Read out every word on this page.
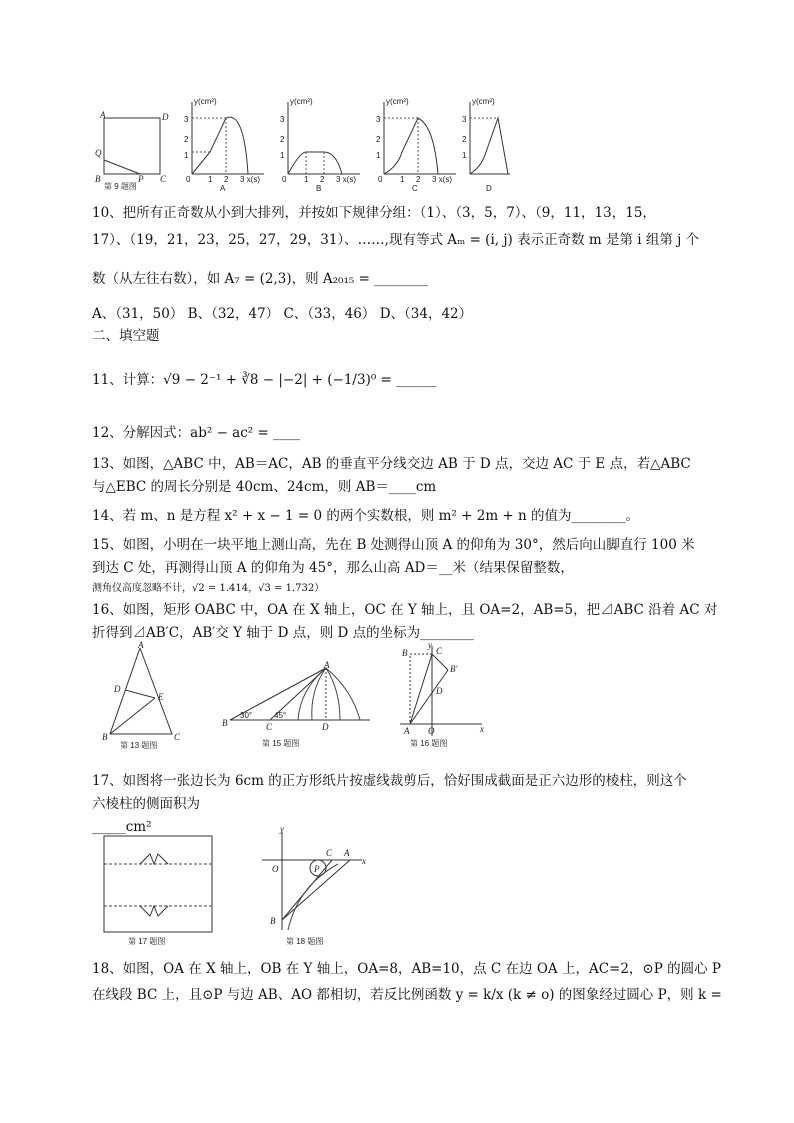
A	D
Q
B	P C
第 9 题图
y(cm²)
3
2
1
0 1 2 3 x(s)
A
y(cm²)
3
2
1
0 1 2 3 x(s)
B
y(cm²)
3
2
1
0 1 2 3 x(s)
C
y(cm²)
3
2
1
D
10、把所有正奇数从小到大排列，并按如下规律分组：（1）、（3，5，7）、（9，11，13，15，
17）、（19，21，23，25，27，29，31）、……,现有等式 Aₘ = (i, j) 表示正奇数 m 是第 i 组第 j 个
数（从左往右数），如 A₇ = (2,3)，则 A₂₀₁₅ = ________
A、（31，50） B、（32，47） C、（33，46） D、（34，42）
二、填空题
11、计算：√9 − 2⁻¹ + ∛8 − |−2| + (−1/3)⁰ = ______
12、分解因式：ab² − ac² = ____
13、如图，△ABC 中，AB＝AC，AB 的垂直平分线交边 AB 于 D 点，交边 AC 于 E 点，若△ABC
与△EBC 的周长分别是 40cm、24cm，则 AB＝____cm
14、若 m、n 是方程 x² + x − 1 = 0 的两个实数根，则 m² + 2m + n 的值为________。
15、如图，小明在一块平地上测山高，先在 B 处测得山顶 A 的仰角为 30°，然后向山脚直行 100 米
到达 C 处，再测得山顶 A 的仰角为 45°，那么山高 AD＝__米（结果保留整数，
测角仪高度忽略不计，√2 = 1.414，√3 = 1.732）
16、如图，矩形 OABC 中，OA 在 X 轴上，OC 在 Y 轴上，且 OA=2，AB=5，把⊿ABC 沿着 AC 对
折得到⊿AB′C，AB′交 Y 轴于 D 点，则 D 点的坐标为________
A
D
E
B	C
第 13 题图
A
B	C	D
30°	45°
第 15 题图
B	C
B′
D
A O
y
x
第 16 题图
17、如图将一张边长为 6cm 的正方形纸片按虚线裁剪后，恰好围成截面是正六边形的棱柱，则这个
六棱柱的侧面积为
_____cm²
第 17 题图
y
x
O
C A
P
B
第 18 题图
18、如图，OA 在 X 轴上，OB 在 Y 轴上，OA=8，AB=10，点 C 在边 OA 上，AC=2，⊙P 的圆心 P
在线段 BC 上，且⊙P 与边 AB、AO 都相切，若反比例函数 y = k/x (k ≠ o) 的图象经过圆心 P，则 k =
